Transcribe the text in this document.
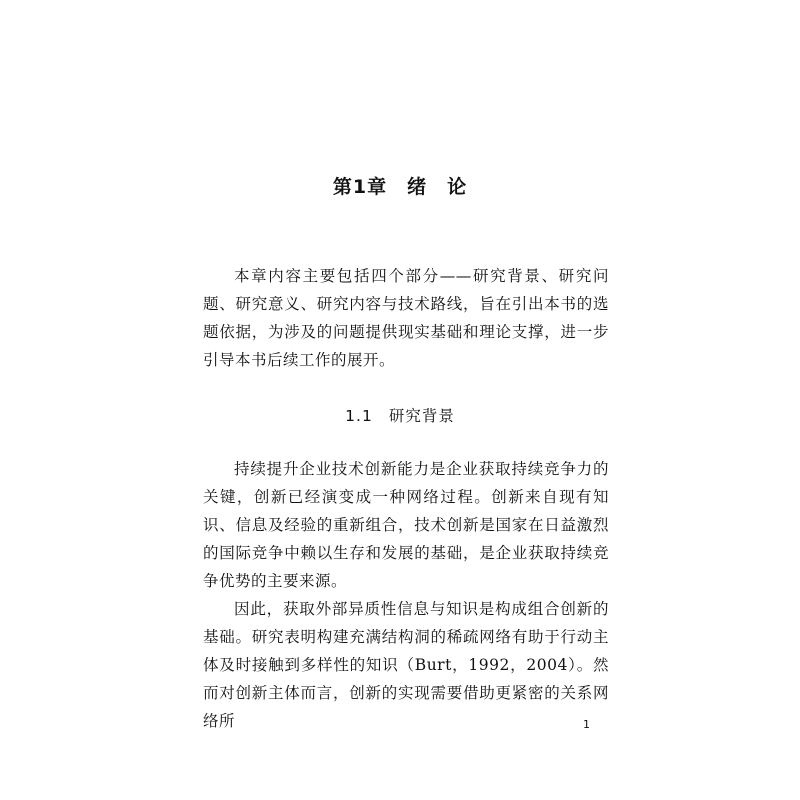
第1章　绪　论

本章内容主要包括四个部分——研究背景、研究问题、研究意义、研究内容与技术路线，旨在引出本书的选题依据，为涉及的问题提供现实基础和理论支撑，进一步引导本书后续工作的展开。

1.1 研究背景

持续提升企业技术创新能力是企业获取持续竞争力的关键，创新已经演变成一种网络过程。创新来自现有知识、信息及经验的重新组合，技术创新是国家在日益激烈的国际竞争中赖以生存和发展的基础，是企业获取持续竞争优势的主要来源。

因此，获取外部异质性信息与知识是构成组合创新的基础。研究表明构建充满结构洞的稀疏网络有助于行动主体及时接触到多样性的知识（Burt，1992，2004）。然而对创新主体而言，创新的实现需要借助更紧密的关系网络所	1
